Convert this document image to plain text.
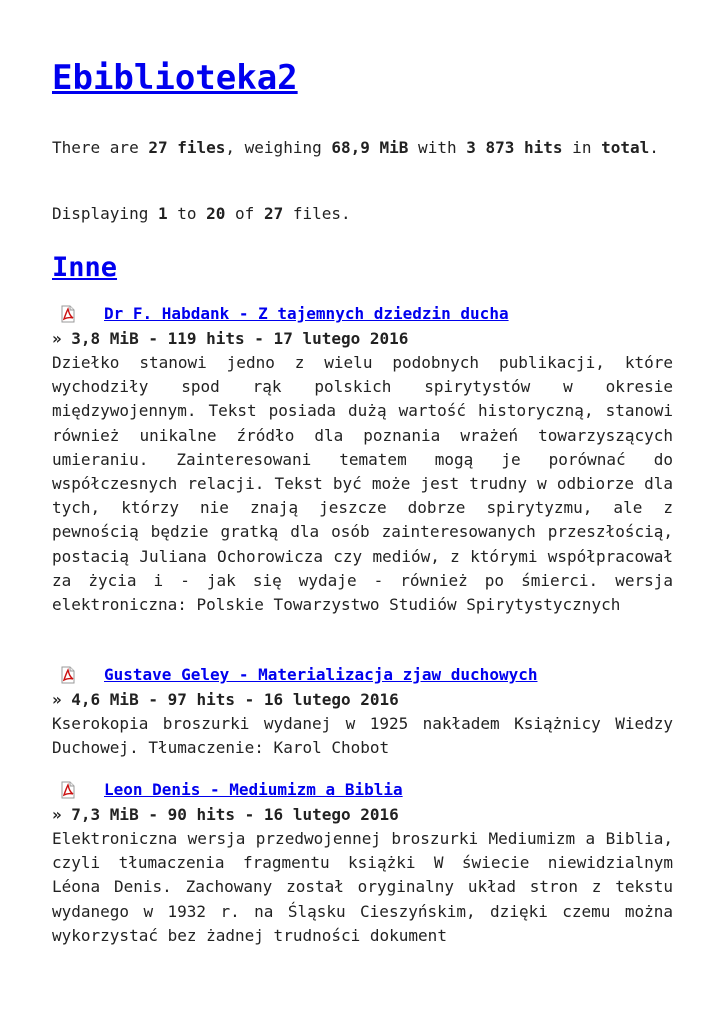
Ebiblioteka2

There are 27 files, weighing 68,9 MiB with 3 873 hits in total.

Displaying 1 to 20 of 27 files.

Inne
Dr F. Habdank - Z tajemnych dziedzin ducha

» 3,8 MiB - 119 hits - 17 lutego 2016

Dziełko stanowi jedno z wielu podobnych publikacji, które wychodziły spod rąk polskich spirytystów w okresie międzywojennym. Tekst posiada dużą wartość historyczną, stanowi również unikalne źródło dla poznania wrażeń towarzyszących umieraniu. Zainteresowani tematem mogą je porównać do współczesnych relacji. Tekst być może jest trudny w odbiorze dla tych, którzy nie znają jeszcze dobrze spirytyzmu, ale z pewnością będzie gratką dla osób zainteresowanych przeszłością, postacią Juliana Ochorowicza czy mediów, z którymi współpracował za życia i - jak się wydaje - również po śmierci. wersja elektroniczna: Polskie Towarzystwo Studiów Spirytystycznych

Gustave Geley - Materializacja zjaw duchowych

» 4,6 MiB - 97 hits - 16 lutego 2016

Kserokopia broszurki wydanej w 1925 nakładem Książnicy Wiedzy Duchowej. Tłumaczenie: Karol Chobot

Leon Denis - Mediumizm a Biblia

» 7,3 MiB - 90 hits - 16 lutego 2016

Elektroniczna wersja przedwojennej broszurki Mediumizm a Biblia, czyli tłumaczenia fragmentu książki W świecie niewidzialnym Léona Denis. Zachowany został oryginalny układ stron z tekstu wydanego w 1932 r. na Śląsku Cieszyńskim, dzięki czemu można wykorzystać bez żadnej trudności dokument
